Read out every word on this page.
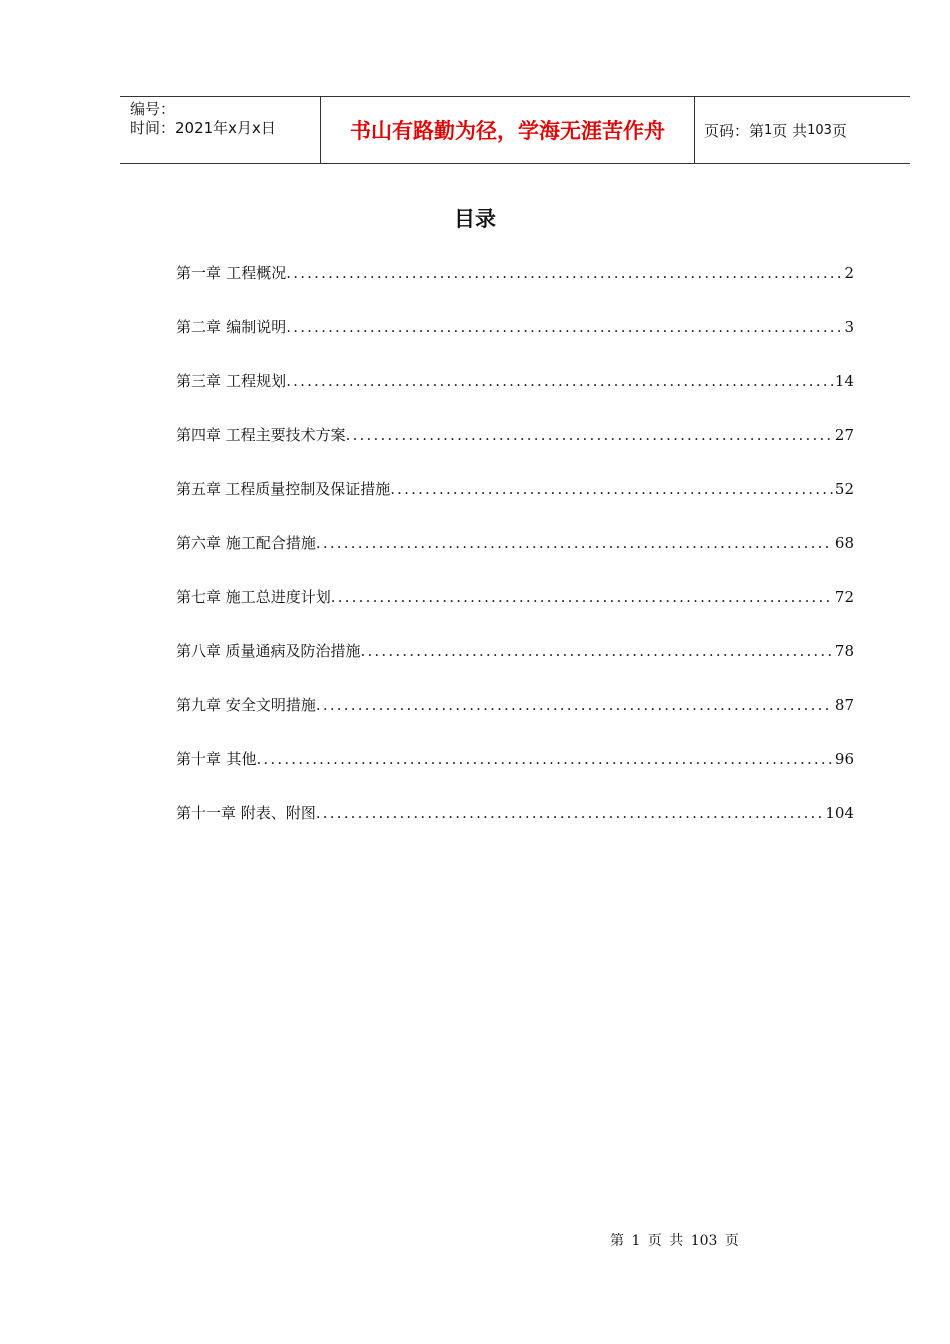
编号：
时间：2021年x月x日	书山有路勤为径，学海无涯苦作舟	页码：第 1 页 共 103 页
目录
第一章 工程概况 .....	2
第二章 编制说明 .....	3
第三章 工程规划 .....	14
第四章 工程主要技术方案 .....	27
第五章 工程质量控制及保证措施 .....	52
第六章 施工配合措施 .....	68
第七章 施工总进度计划 .....	72
第八章 质量通病及防治措施 .....	78
第九章 安全文明措施 .....	87
第十章 其他 .....	96
第十一章 附表、附图 .....	104
第 1 页 共 103 页
